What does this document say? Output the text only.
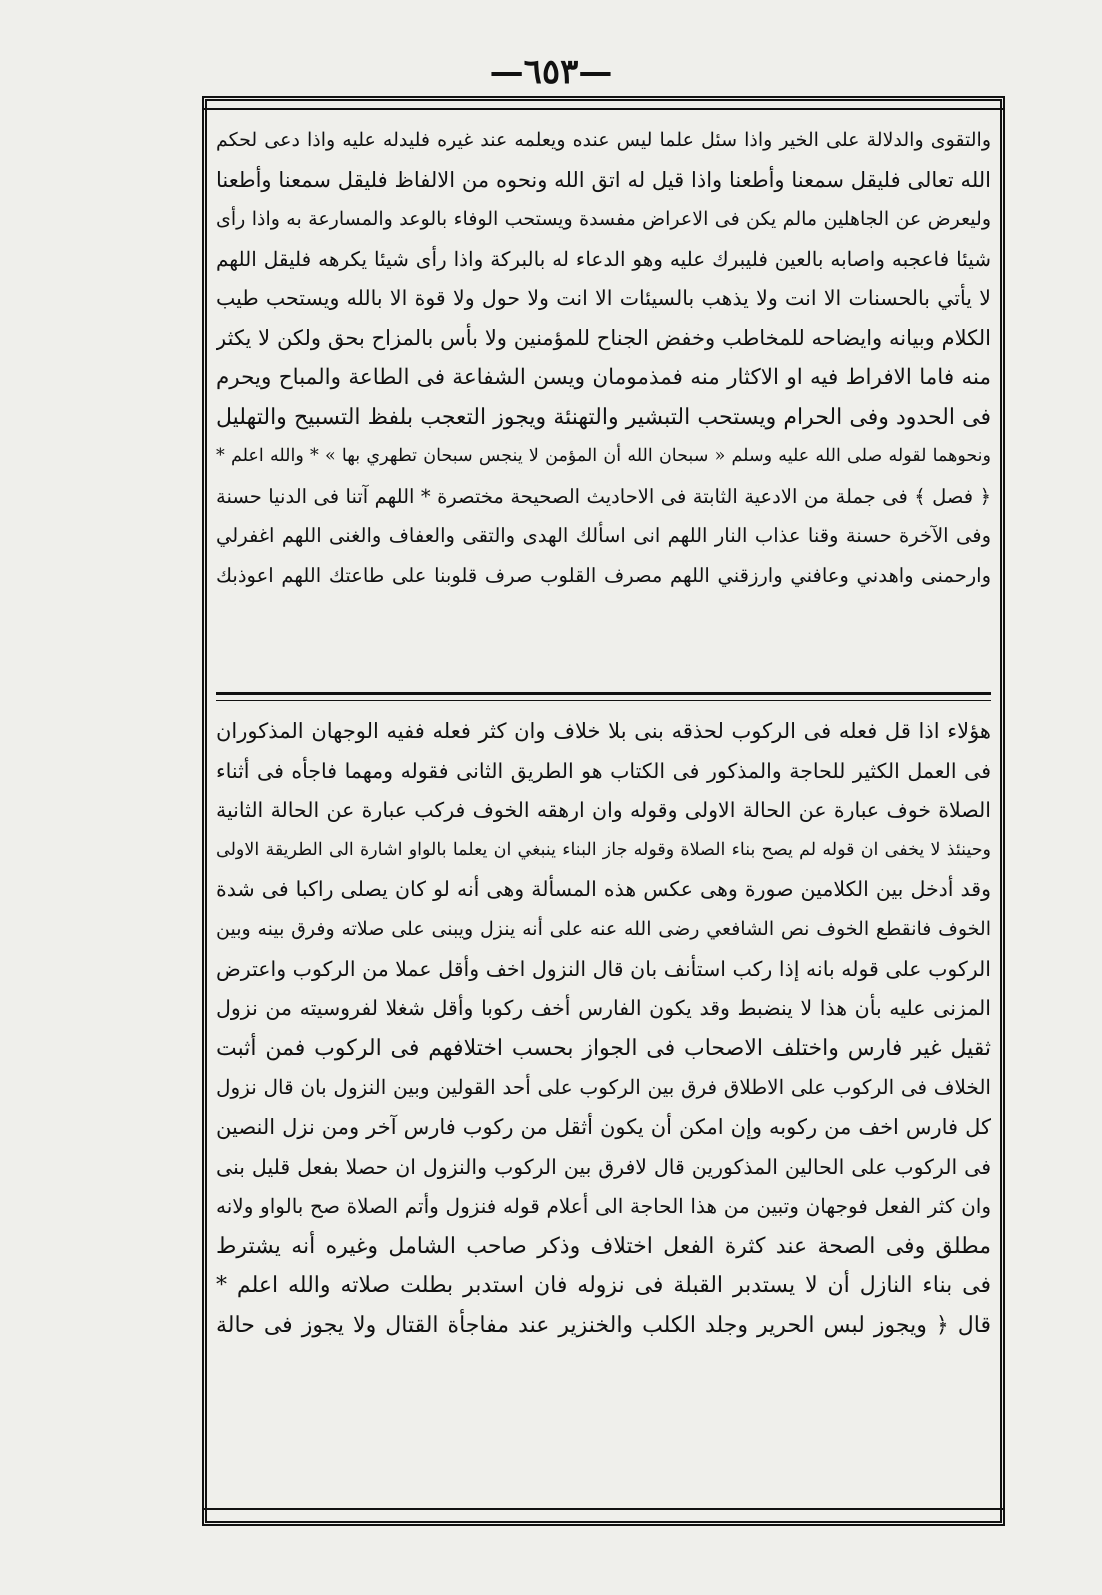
—٦٥٣—

والتقوى والدلالة على الخير واذا سئل علما ليس عنده ويعلمه عند غيره فليدله عليه واذا دعى لحكم

الله تعالى فليقل سمعنا وأطعنا واذا قيل له اتق الله ونحوه من الالفاظ فليقل سمعنا وأطعنا

وليعرض عن الجاهلين مالم يكن فى الاعراض مفسدة ويستحب الوفاء بالوعد والمسارعة به واذا رأى

شيئا فاعجبه واصابه بالعين فليبرك عليه وهو الدعاء له بالبركة واذا رأى شيئا يكرهه فليقل اللهم

لا يأتي بالحسنات الا انت ولا يذهب بالسيئات الا انت ولا حول ولا قوة الا بالله ويستحب طيب

الكلام وبيانه وايضاحه للمخاطب وخفض الجناح للمؤمنين ولا بأس بالمزاح بحق ولكن لا يكثر

منه فاما الافراط فيه او الاكثار منه فمذمومان ويسن الشفاعة فى الطاعة والمباح ويحرم

فى الحدود وفى الحرام ويستحب التبشير والتهنئة ويجوز التعجب بلفظ التسبيح والتهليل

ونحوهما لقوله صلى الله عليه وسلم « سبحان الله أن المؤمن لا ينجس سبحان تطهري بها » * والله اعلم *

﴿ فصل ﴾ فى جملة من الادعية الثابتة فى الاحاديث الصحيحة مختصرة * اللهم آتنا فى الدنيا حسنة

وفى الآخرة حسنة وقنا عذاب النار اللهم انى اسألك الهدى والتقى والعفاف والغنى اللهم اغفرلي

وارحمنى واهدني وعافني وارزقني اللهم مصرف القلوب صرف قلوبنا على طاعتك اللهم اعوذبك

هؤلاء اذا قل فعله فى الركوب لحذقه بنى بلا خلاف وان كثر فعله ففيه الوجهان المذكوران

فى العمل الكثير للحاجة والمذكور فى الكتاب هو الطريق الثانى فقوله ومهما فاجأه فى أثناء

الصلاة خوف عبارة عن الحالة الاولى وقوله وان ارهقه الخوف فركب عبارة عن الحالة الثانية

وحينئذ لا يخفى ان قوله لم يصح بناء الصلاة وقوله جاز البناء ينبغي ان يعلما بالواو اشارة الى الطريقة الاولى

وقد أدخل بين الكلامين صورة وهى عكس هذه المسألة وهى أنه لو كان يصلى راكبا فى شدة

الخوف فانقطع الخوف نص الشافعي رضى الله عنه على أنه ينزل ويبنى على صلاته وفرق بينه وبين

الركوب على قوله بانه إذا ركب استأنف بان قال النزول اخف وأقل عملا من الركوب واعترض

المزنى عليه بأن هذا لا ينضبط وقد يكون الفارس أخف ركوبا وأقل شغلا لفروسيته من نزول

ثقيل غير فارس واختلف الاصحاب فى الجواز بحسب اختلافهم فى الركوب فمن أثبت

الخلاف فى الركوب على الاطلاق فرق بين الركوب على أحد القولين وبين النزول بان قال نزول

كل فارس اخف من ركوبه وإن امكن أن يكون أثقل من ركوب فارس آخر ومن نزل النصين

فى الركوب على الحالين المذكورين قال لافرق بين الركوب والنزول ان حصلا بفعل قليل بنى

وان كثر الفعل فوجهان وتبين من هذا الحاجة الى أعلام قوله فنزول وأتم الصلاة صح بالواو ولانه

مطلق وفى الصحة عند كثرة الفعل اختلاف وذكر صاحب الشامل وغيره أنه يشترط

فى بناء النازل أن لا يستدبر القبلة فى نزوله فان استدبر بطلت صلاته والله اعلم *

قال ﴿ ويجوز لبس الحرير وجلد الكلب والخنزير عند مفاجأة القتال ولا يجوز فى حالة
